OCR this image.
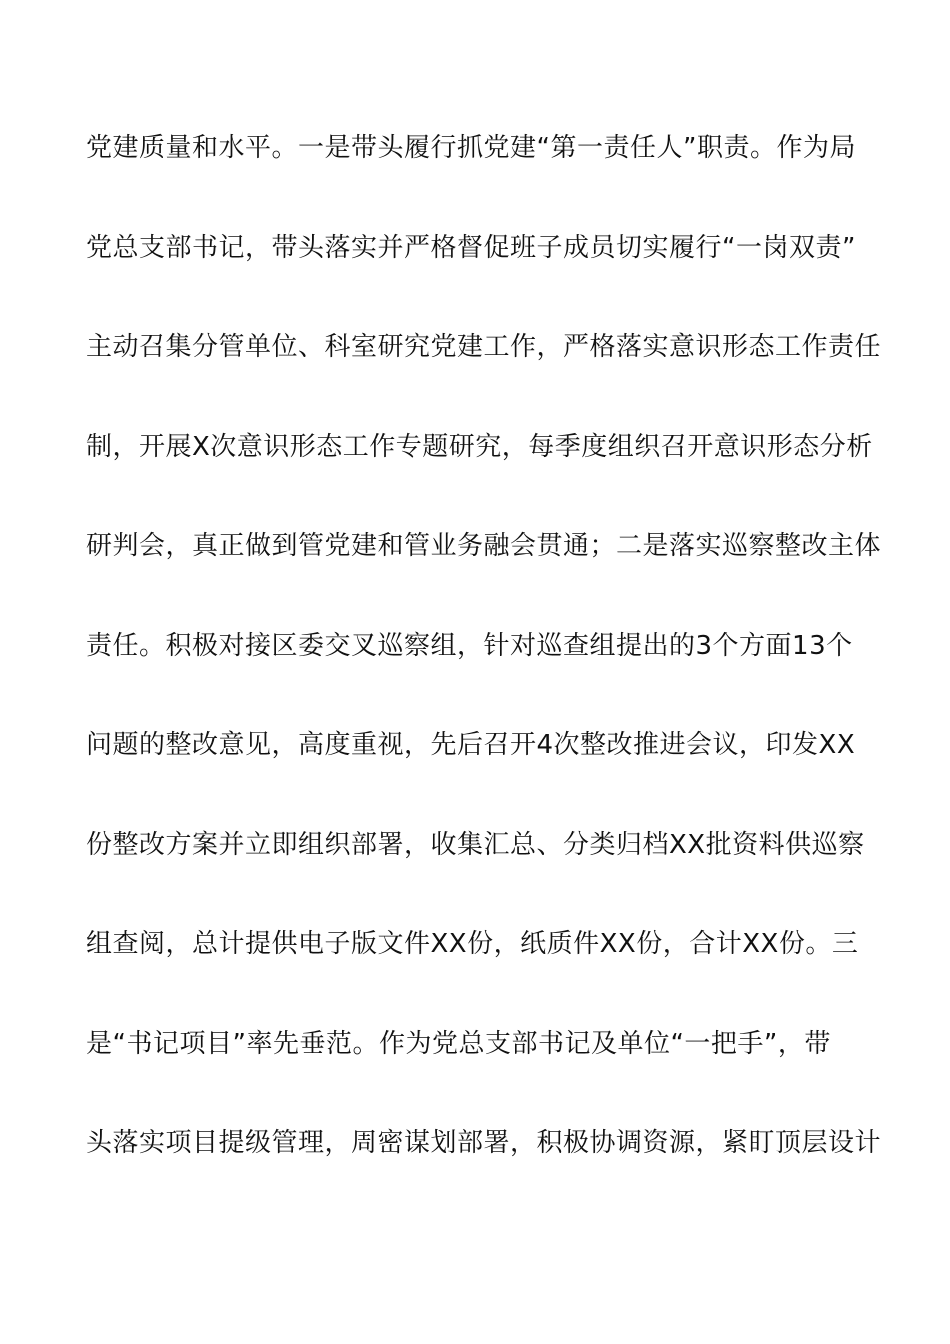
党建质量和水平。一是带头履行抓党建“第一责任人”职责。作为局
党总支部书记，带头落实并严格督促班子成员切实履行“一岗双责”
主动召集分管单位、科室研究党建工作，严格落实意识形态工作责任
制，开展X次意识形态工作专题研究，每季度组织召开意识形态分析
研判会，真正做到管党建和管业务融会贯通；二是落实巡察整改主体
责任。积极对接区委交叉巡察组，针对巡查组提出的3个方面13个
问题的整改意见，高度重视，先后召开4次整改推进会议，印发XX
份整改方案并立即组织部署，收集汇总、分类归档XX批资料供巡察
组查阅，总计提供电子版文件XX份，纸质件XX份，合计XX份。三
是“书记项目”率先垂范。作为党总支部书记及单位“一把手”，带
头落实项目提级管理，周密谋划部署，积极协调资源，紧盯顶层设计
